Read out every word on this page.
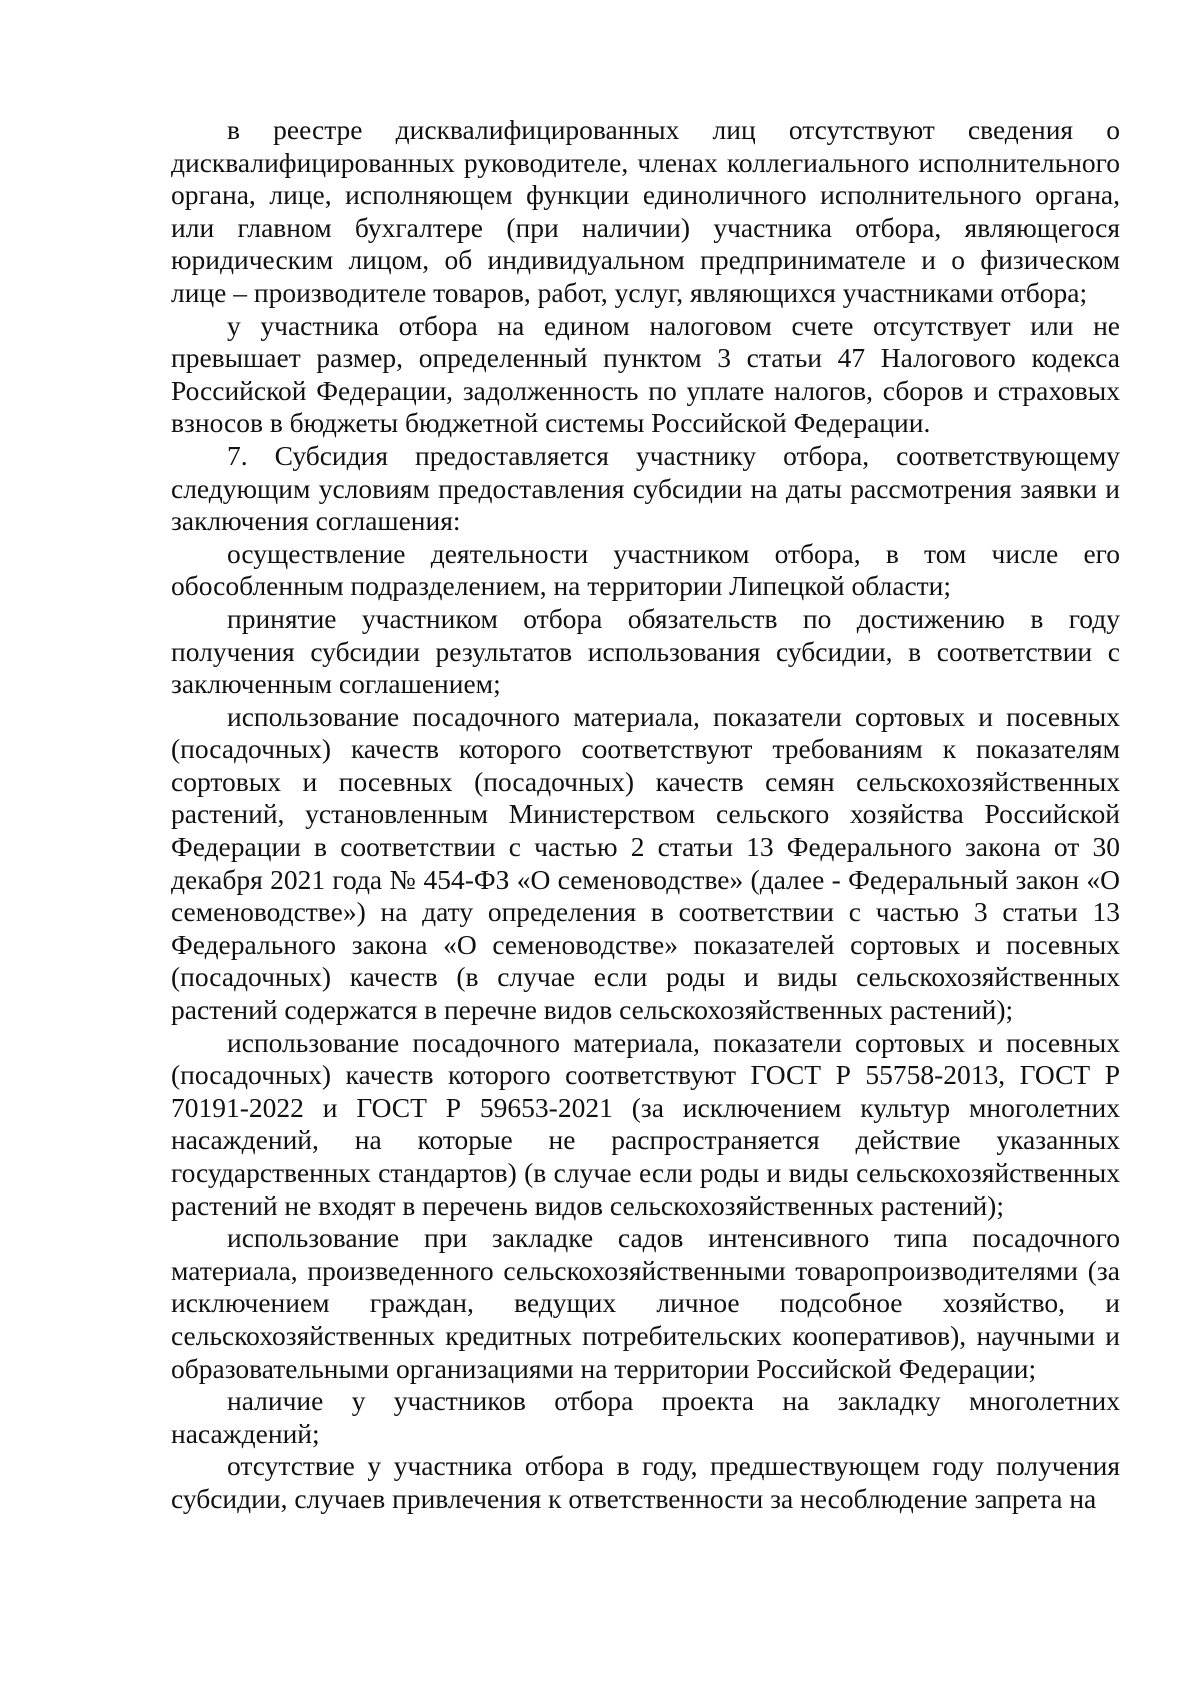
в реестре дисквалифицированных лиц отсутствуют сведения о дисквалифицированных руководителе, членах коллегиального исполнительного органа, лице, исполняющем функции единоличного исполнительного органа, или главном бухгалтере (при наличии) участника отбора, являющегося юридическим лицом, об индивидуальном предпринимателе и о физическом лице – производителе товаров, работ, услуг, являющихся участниками отбора;

у участника отбора на едином налоговом счете отсутствует или не превышает размер, определенный пунктом 3 статьи 47 Налогового кодекса Российской Федерации, задолженность по уплате налогов, сборов и страховых взносов в бюджеты бюджетной системы Российской Федерации.

7. Субсидия предоставляется участнику отбора, соответствующему следующим условиям предоставления субсидии на даты рассмотрения заявки и заключения соглашения:

осуществление деятельности участником отбора, в том числе его обособленным подразделением, на территории Липецкой области;

принятие участником отбора обязательств по достижению в году получения субсидии результатов использования субсидии, в соответствии с заключенным соглашением;

использование посадочного материала, показатели сортовых и посевных (посадочных) качеств которого соответствуют требованиям к показателям сортовых и посевных (посадочных) качеств семян сельскохозяйственных растений, установленным Министерством сельского хозяйства Российской Федерации в соответствии с частью 2 статьи 13 Федерального закона от 30 декабря 2021 года № 454-ФЗ «О семеноводстве» (далее - Федеральный закон «О семеноводстве») на дату определения в соответствии с частью 3 статьи 13 Федерального закона «О семеноводстве» показателей сортовых и посевных (посадочных) качеств (в случае если роды и виды сельскохозяйственных растений содержатся в перечне видов сельскохозяйственных растений);

использование посадочного материала, показатели сортовых и посевных (посадочных) качеств которого соответствуют ГОСТ Р 55758-2013, ГОСТ Р 70191-2022 и ГОСТ Р 59653-2021 (за исключением культур многолетних насаждений, на которые не распространяется действие указанных государственных стандартов) (в случае если роды и виды сельскохозяйственных растений не входят в перечень видов сельскохозяйственных растений);

использование при закладке садов интенсивного типа посадочного материала, произведенного сельскохозяйственными товаропроизводителями (за исключением граждан, ведущих личное подсобное хозяйство, и сельскохозяйственных кредитных потребительских кооперативов), научными и образовательными организациями на территории Российской Федерации;

наличие у участников отбора проекта на закладку многолетних насаждений;

отсутствие у участника отбора в году, предшествующем году получения субсидии, случаев привлечения к ответственности за несоблюдение запрета на
